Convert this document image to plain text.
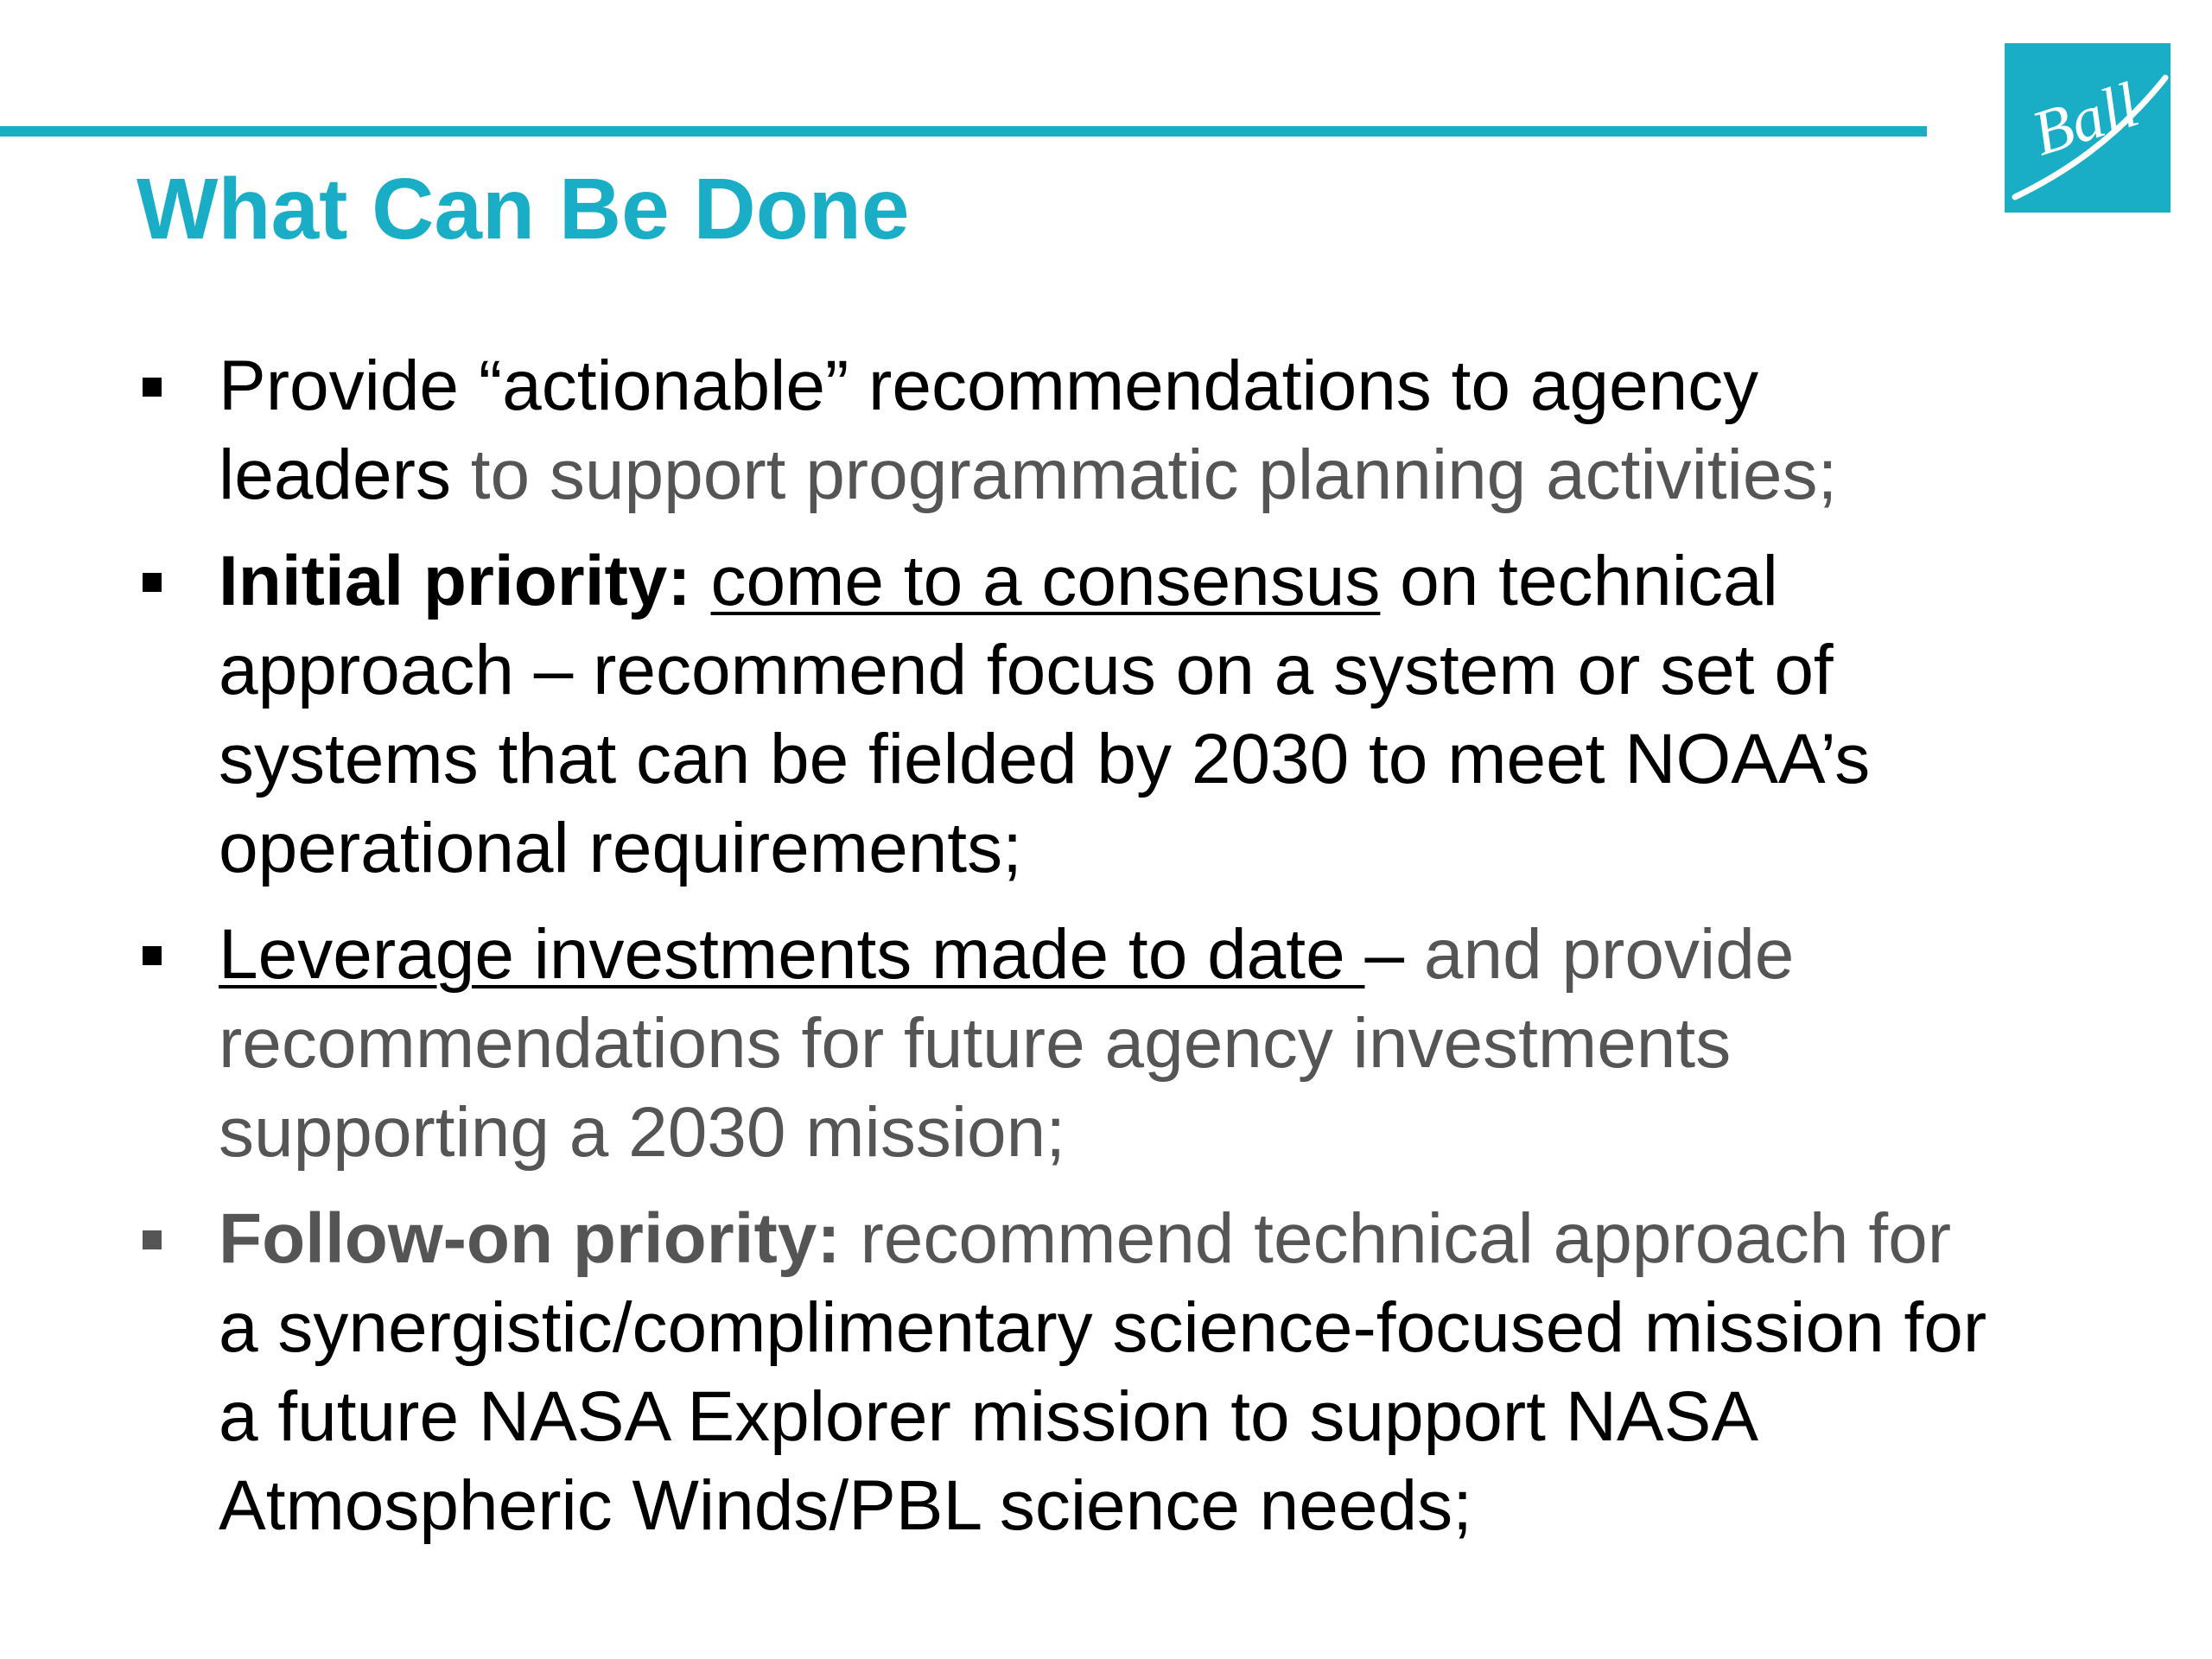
What Can Be Done
Ball
Provide “actionable” recommendations to agency
leaders to support programmatic planning activities;
Initial priority: come to a consensus on technical
approach – recommend focus on a system or set of
systems that can be fielded by 2030 to meet NOAA’s
operational requirements;
Leverage investments made to date – and provide
recommendations for future agency investments
supporting a 2030 mission;
Follow-on priority: recommend technical approach for
a synergistic/complimentary science-focused mission for
a future NASA Explorer mission to support NASA
Atmospheric Winds/PBL science needs;
